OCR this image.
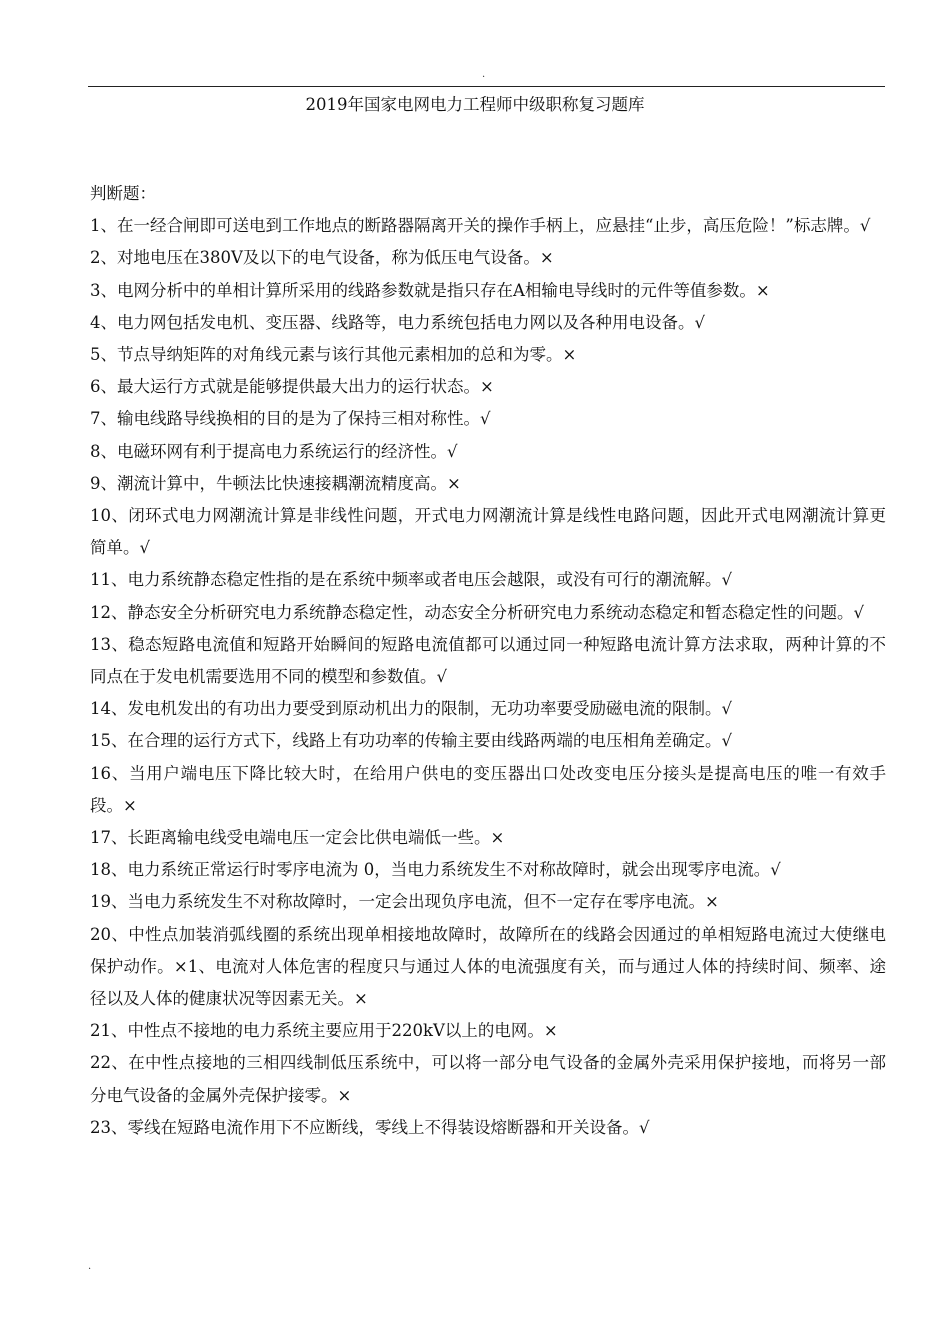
.
2019年国家电网电力工程师中级职称复习题库

判断题：

1、在一经合闸即可送电到工作地点的断路器隔离开关的操作手柄上，应悬挂“止步，高压危险！”标志牌。√

2、对地电压在380V及以下的电气设备，称为低压电气设备。×

3、电网分析中的单相计算所采用的线路参数就是指只存在A相输电导线时的元件等值参数。×

4、电力网包括发电机、变压器、线路等，电力系统包括电力网以及各种用电设备。√

5、节点导纳矩阵的对角线元素与该行其他元素相加的总和为零。×

6、最大运行方式就是能够提供最大出力的运行状态。×

7、输电线路导线换相的目的是为了保持三相对称性。√

8、电磁环网有利于提高电力系统运行的经济性。√

9、潮流计算中，牛顿法比快速接耦潮流精度高。×

10、闭环式电力网潮流计算是非线性问题，开式电力网潮流计算是线性电路问题，因此开式电网潮流计算更简单。√

11、电力系统静态稳定性指的是在系统中频率或者电压会越限，或没有可行的潮流解。√

12、静态安全分析研究电力系统静态稳定性，动态安全分析研究电力系统动态稳定和暂态稳定性的问题。√

13、稳态短路电流值和短路开始瞬间的短路电流值都可以通过同一种短路电流计算方法求取，两种计算的不同点在于发电机需要选用不同的模型和参数值。√

14、发电机发出的有功出力要受到原动机出力的限制，无功功率要受励磁电流的限制。√

15、在合理的运行方式下，线路上有功功率的传输主要由线路两端的电压相角差确定。√

16、当用户端电压下降比较大时，在给用户供电的变压器出口处改变电压分接头是提高电压的唯一有效手段。×

17、长距离输电线受电端电压一定会比供电端低一些。×

18、电力系统正常运行时零序电流为 0，当电力系统发生不对称故障时，就会出现零序电流。√

19、当电力系统发生不对称故障时，一定会出现负序电流，但不一定存在零序电流。×

20、中性点加装消弧线圈的系统出现单相接地故障时，故障所在的线路会因通过的单相短路电流过大使继电保护动作。×1、电流对人体危害的程度只与通过人体的电流强度有关，而与通过人体的持续时间、频率、途径以及人体的健康状况等因素无关。×

21、中性点不接地的电力系统主要应用于220kV以上的电网。×

22、在中性点接地的三相四线制低压系统中，可以将一部分电气设备的金属外壳采用保护接地，而将另一部分电气设备的金属外壳保护接零。×

23、零线在短路电流作用下不应断线，零线上不得装设熔断器和开关设备。√

.
